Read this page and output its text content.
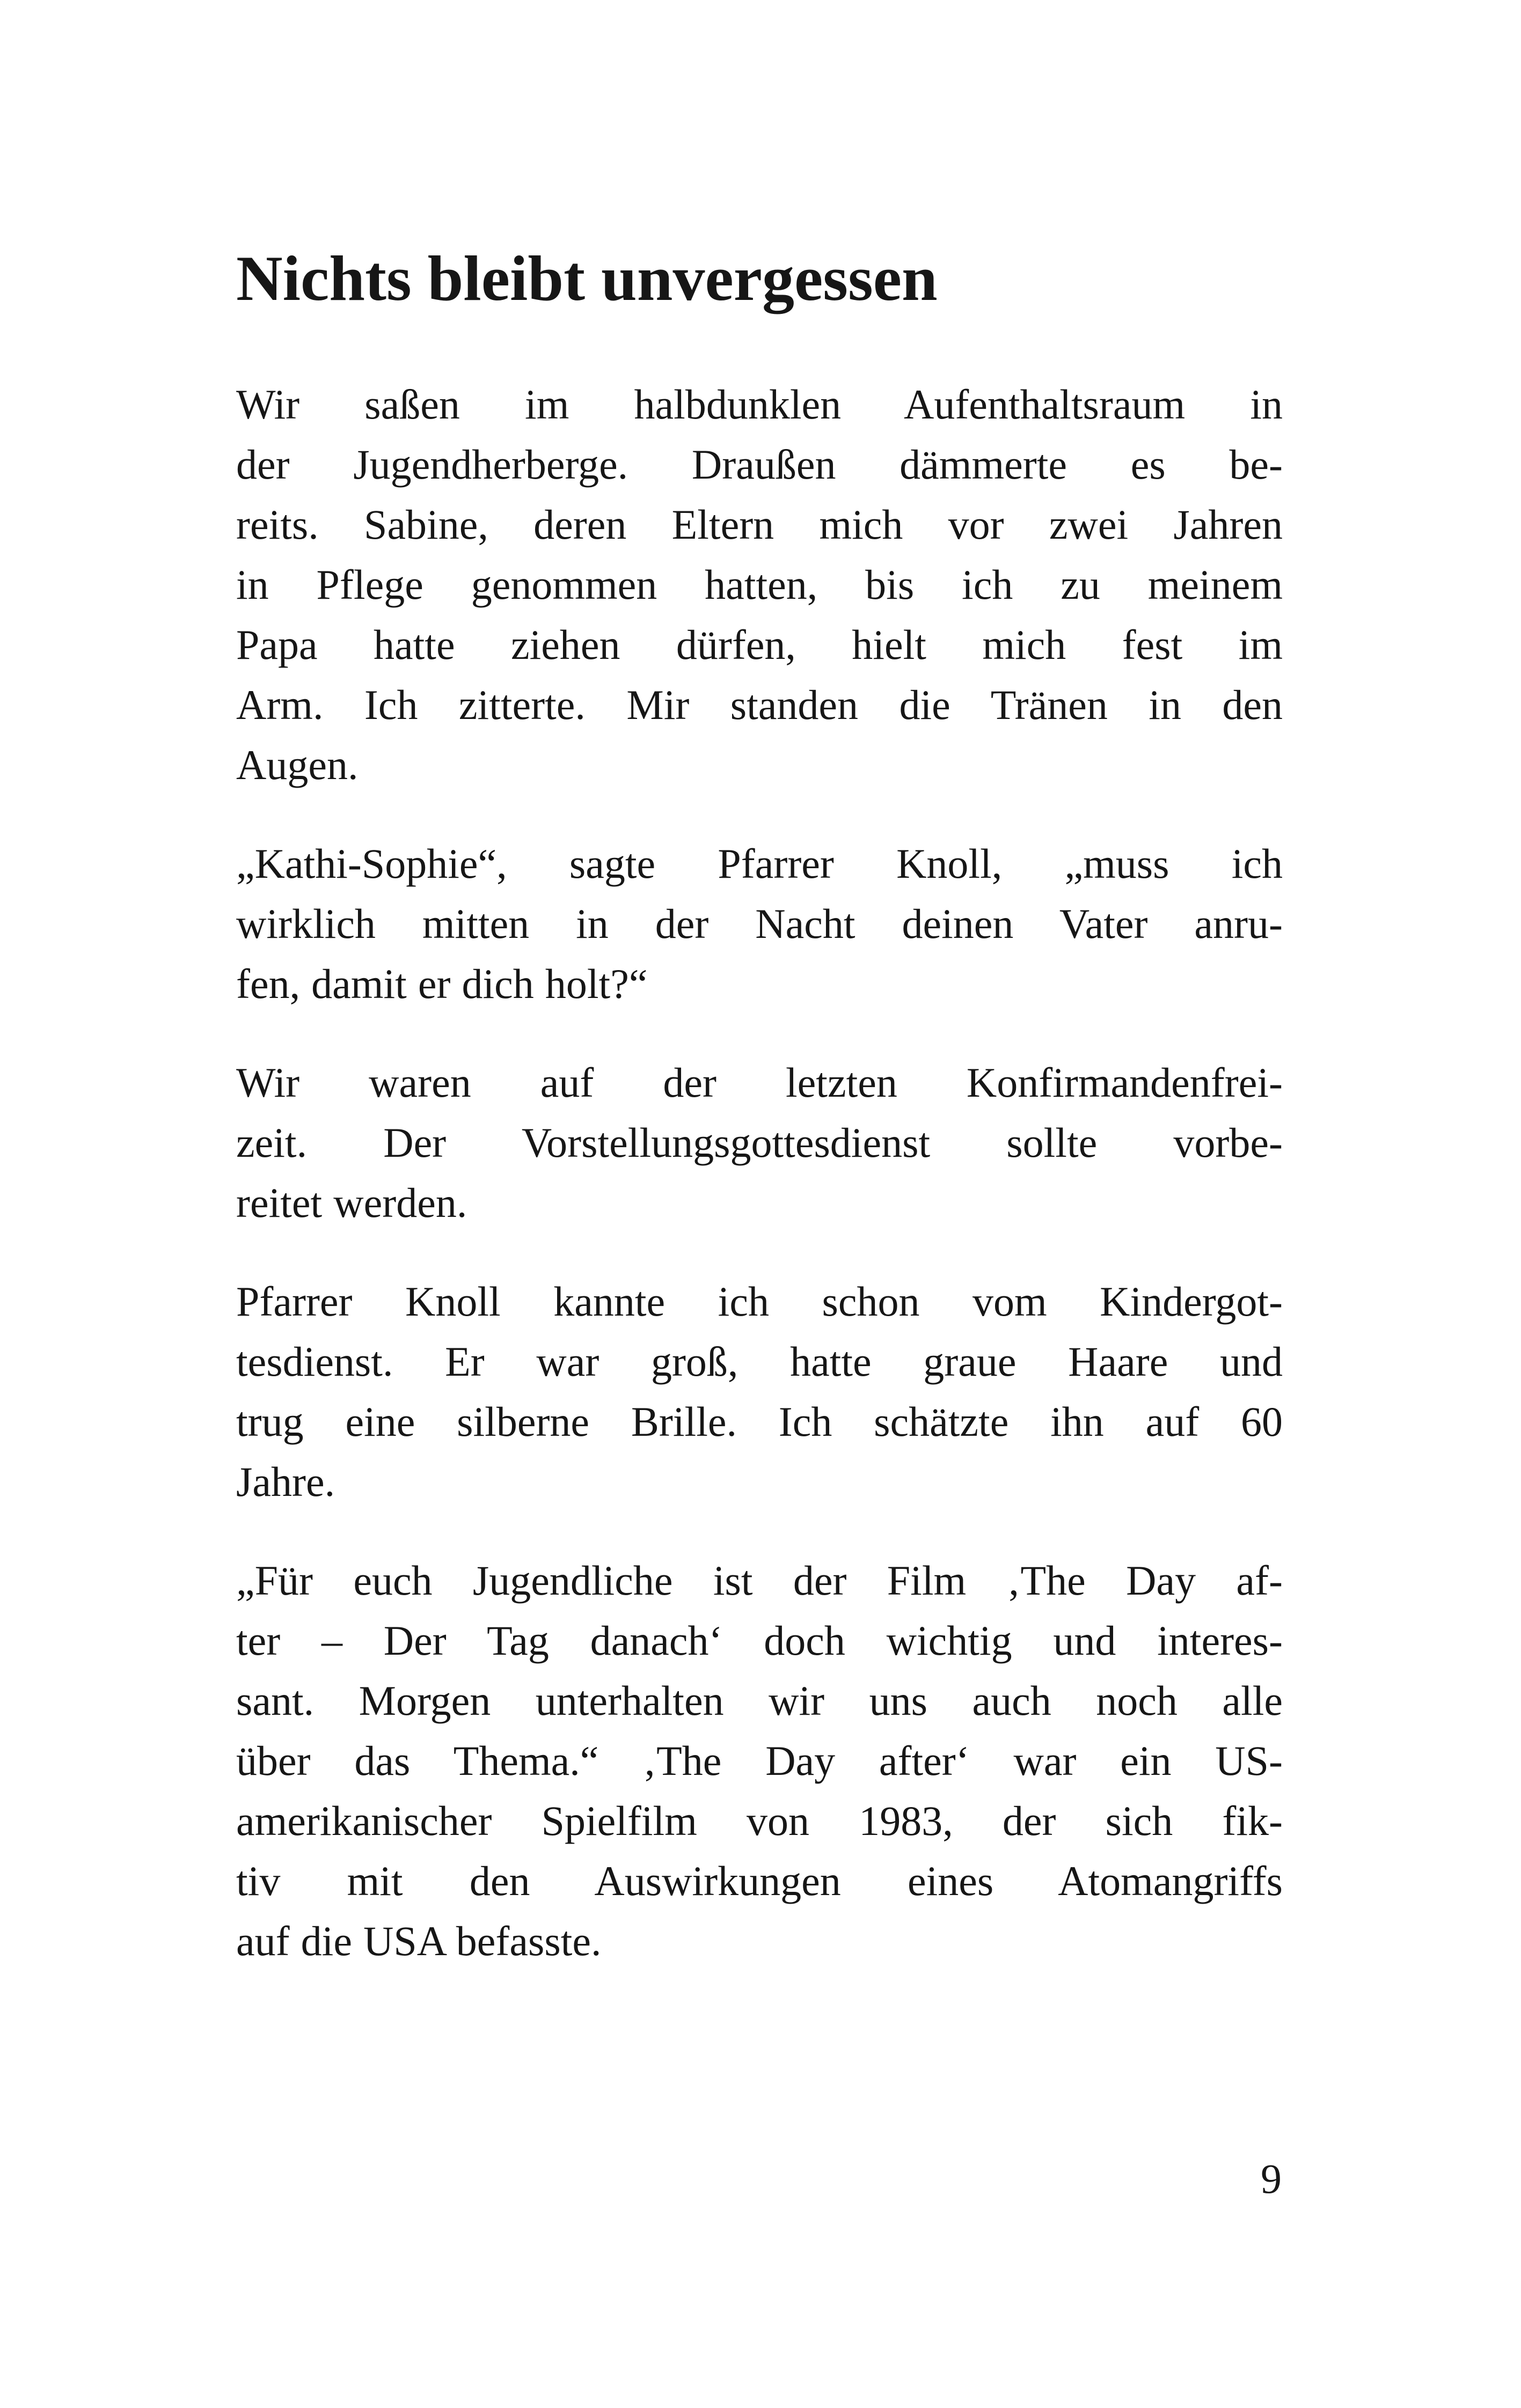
Nichts bleibt unvergessen

Wir saßen im halbdunklen Aufenthaltsraum in
der Jugendherberge. Draußen dämmerte es be-
reits. Sabine, deren Eltern mich vor zwei Jahren
in Pflege genommen hatten, bis ich zu meinem
Papa hatte ziehen dürfen, hielt mich fest im
Arm. Ich zitterte. Mir standen die Tränen in den
Augen.

„Kathi-Sophie“, sagte Pfarrer Knoll, „muss ich
wirklich mitten in der Nacht deinen Vater anru-
fen, damit er dich holt?“

Wir waren auf der letzten Konfirmandenfrei-
zeit. Der Vorstellungsgottesdienst sollte vorbe-
reitet werden.

Pfarrer Knoll kannte ich schon vom Kindergot-
tesdienst. Er war groß, hatte graue Haare und
trug eine silberne Brille. Ich schätzte ihn auf 60
Jahre.

„Für euch Jugendliche ist der Film ‚The Day af-
ter – Der Tag danach‘ doch wichtig und interes-
sant. Morgen unterhalten wir uns auch noch alle
über das Thema.“ ‚The Day after‘ war ein US-
amerikanischer Spielfilm von 1983, der sich fik-
tiv mit den Auswirkungen eines Atomangriffs
auf die USA befasste.

9
